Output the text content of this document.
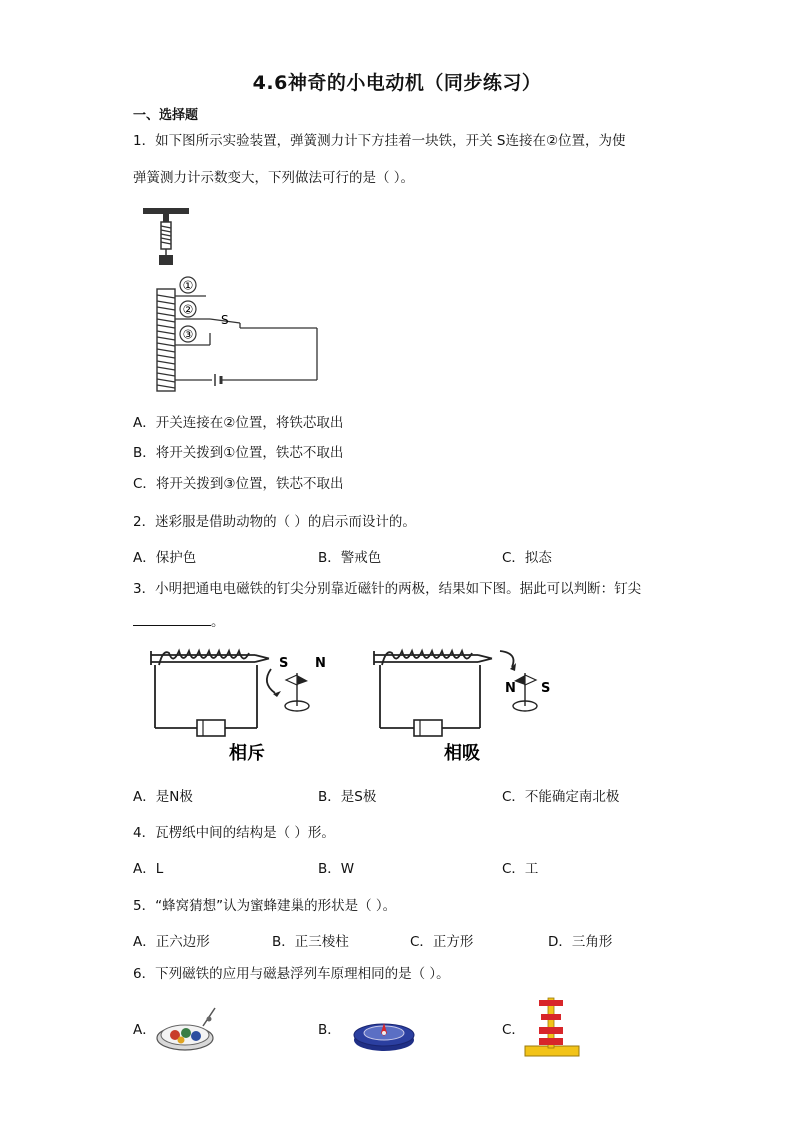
4.6神奇的小电动机（同步练习）
一、选择题
1．如下图所示实验装置，弹簧测力计下方挂着一块铁，开关 S连接在②位置，为使
弹簧测力计示数变大，下列做法可行的是（ ）。
①
②
③
S
A．开关连接在②位置，将铁芯取出
B．将开关拨到①位置，铁芯不取出
C．将开关拨到③位置，铁芯不取出
2．迷彩服是借助动物的（ ）的启示而设计的。
A．保护色	B．警戒色	C．拟态
3．小明把通电电磁铁的钉尖分别靠近磁针的两极，结果如下图。据此可以判断：钉尖
。
S N
相斥
N S
相吸
A．是N极	B．是S极	C．不能确定南北极
4．瓦楞纸中间的结构是（ ）形。
A．L	B．W	C．工
5．“蜂窝猜想”认为蜜蜂建巢的形状是（ ）。
A．正六边形	B．正三棱柱	C．正方形	D．三角形
6．下列磁铁的应用与磁悬浮列车原理相同的是（ ）。
A．	B．	C．
